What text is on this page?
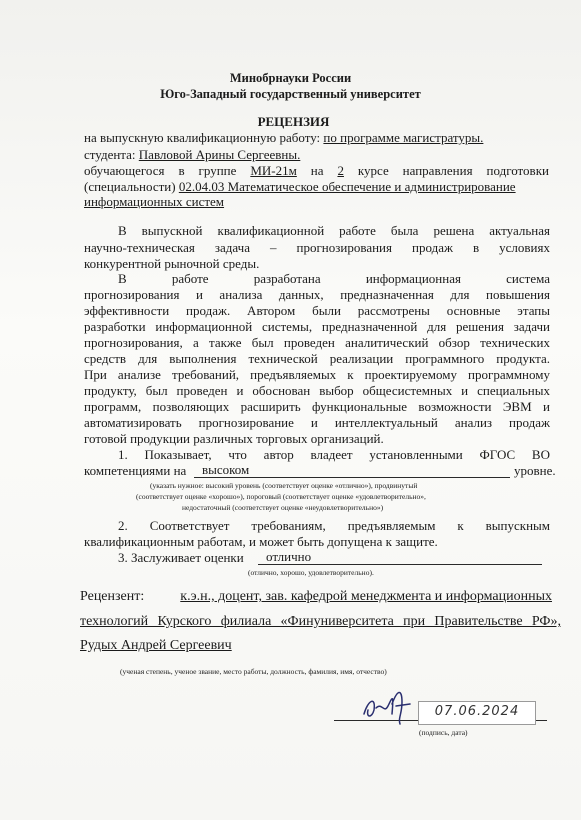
Минобрнауки России
Юго-Западный государственный университет
РЕЦЕНЗИЯ
на выпускную квалификационную работу: по программе магистратуры.
студента: Павловой Арины Сергеевны.
обучающегося в группе МИ-21м на 2 курсе направления подготовки
(специальности) 02.04.03 Математическое обеспечение и администрирование
информационных систем
В выпускной квалификационной работе была решена актуальная
научно-техническая задача – прогнозирования продаж в условиях
конкурентной рыночной среды.
В работе разработана информационная система
прогнозирования и анализа данных, предназначенная для повышения
эффективности продаж. Автором были рассмотрены основные этапы
разработки информационной системы, предназначенной для решения задачи
прогнозирования, а также был проведен аналитический обзор технических
средств для выполнения технической реализации программного продукта.
При анализе требований, предъявляемых к проектируемому программному
продукту, был проведен и обоснован выбор общесистемных и специальных
программ, позволяющих расширить функциональные возможности ЭВМ и
автоматизировать прогнозирование и интеллектуальный анализ продаж
готовой продукции различных торговых организаций.
1. Показывает, что автор владеет установленными ФГОС ВО
компетенциями на высоком	уровне.
(указать нужное: высокий уровень (соответствует оценке «отлично»), продвинутый
(соответствует оценке «хорошо»), пороговый (соответствует оценке «удовлетворительно»,
недостаточный (соответствует оценке «неудовлетворительно»)
2. Соответствует требованиям, предъявляемым к выпускным
квалификационным работам, и может быть допущена к защите.
3. Заслуживает оценки отлично
(отлично, хорошо, удовлетворительно).
Рецензент:	к.э.н., доцент, зав. кафедрой менеджмента и информационных
технологий Курского филиала «Финуниверситета при Правительстве РФ»,
Рудых Андрей Сергеевич
(ученая степень, ученое звание, место работы, должность, фамилия, имя, отчество)
07.06.2024
(подпись, дата)
